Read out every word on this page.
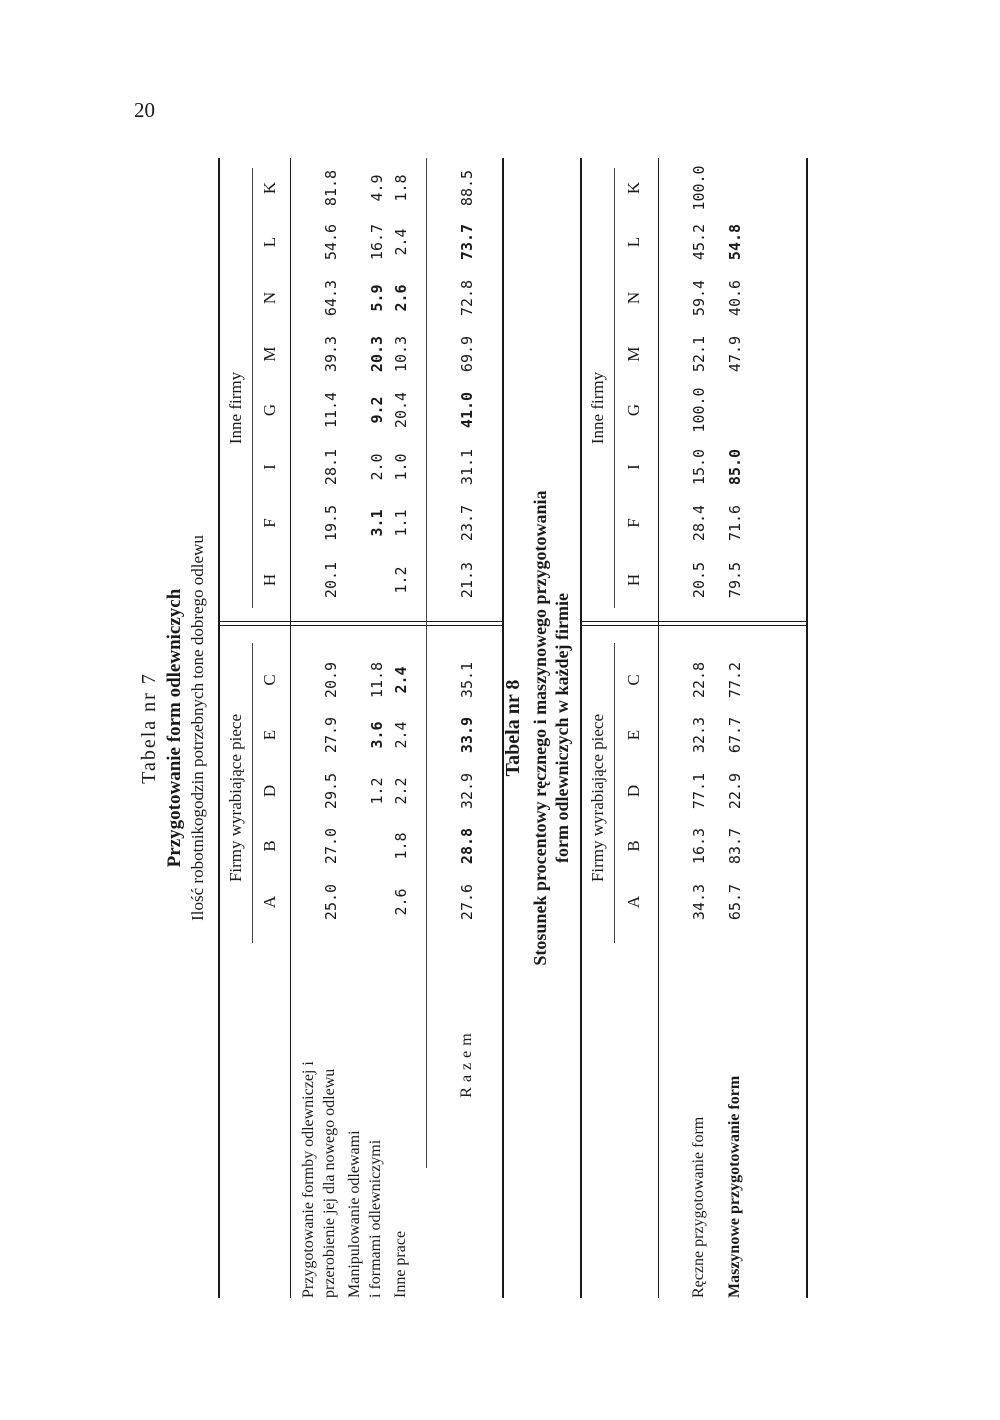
20
Tabela nr 7 Przygotowanie form odlewniczych Ilość robotnikogodzin potrzebnych tone dobrego odlewu Firmy wyrabiające piece
Inne firmy
A
B
D
E
C
H
F
I
G
M
N
L
K
Przygotowanie formby odlewniczej i przerobienie jej dla nowego odlewu
25.0
27.0
29.5
27.9
20.9
20.1
19.5
28.1
11.4
39.3
64.3
54.6
81.8
Manipulowanie odlewami i formami odlewniczymi
1.2
3.6
11.8
3.1
2.0
9.2
20.3
5.9
16.7
4.9
Inne prace
2.6
1.8
2.2
2.4
2.4
1.2
1.1
1.0
20.4
10.3
2.6
2.4
1.8
Razem
27.6
28.8
32.9
33.9
35.1
21.3
23.7
31.1
41.0
69.9
72.8
73.7
88.5
Tabela nr 8 Stosunek procentowy ręcznego i maszynowego przygotowania form odlewniczych w każdej firmie Firmy wyrabiające piece
Inne firmy
A
B
D
E
C
H
F
I
G
M
N
L
K
Ręczne przygotowanie form
34.3
16.3
77.1
32.3
22.8
20.5
28.4
15.0
100.0
52.1
59.4
45.2
100.0
Maszynowe przygotowanie form
65.7
83.7
22.9
67.7
77.2
79.5
71.6
85.0
47.9
40.6
54.8
